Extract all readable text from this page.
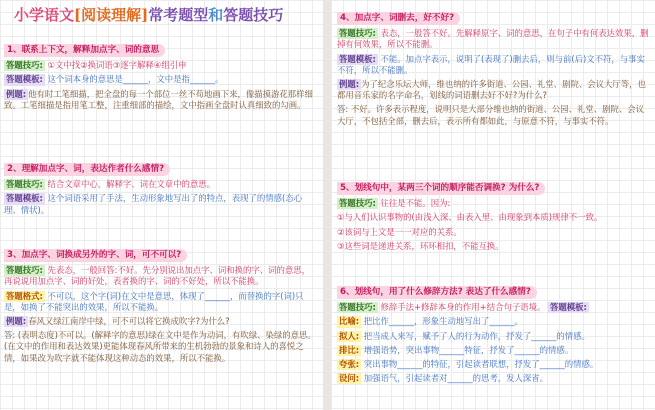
小学语文[阅读理解]常考题型和答题技巧
1、联系上下文，解释加点字、词的意思
答题技巧: ①文中找②换词语③逐字解释④组引申
答题模板: 这个词本身的意思是______，文中是指______。
例题: 他有时工笔细描，把全盘的每一个部位一丝不苟地画下来，像描摸游花那样细致。工笔细描是指用笔工整，注重细部的描绘，文中指画全盘时认真细致的勾画。
2、理解加点字、词，表达作者什么感情?
答题技巧: 结合文章中心，解释字、词在文章中的意思。
答题模板: 这个词语采用了手法，生动形象地写出了的特点，表现了的情感(态心理、情状)。
3、加点字、词换成另外的字、词，可不可以?
答题技巧: 先表态，一般回答:不好。先分别说出加点字、词和换的字、词的意思，再说说用加点字、词的好处，表者换的字、词的不好处，所以不能换。
答题格式: 不可以，这个字(词)在文中是意思，体现了______，而替换的字(词)只是，如换了不能突出的效果，所以不能换。
例题: 春风又绿江南岸中绿，可不可以将它换成吹字?为什么?
答: (表明态度)不可以。(解释字的意思)绿在文中是作为动词，有吹绿、染绿的意思。(在文中的作用和表达效果)更能体现春风所带来的生机勃勃的景象和诗人的喜悦之情，如果改为吹字就不能体现这种动态的效果，所以不能换。
4、加点字、词删去，好不好?
答题技巧: 表态，一般答不好。先解释原字、词的意思，在句子中有何表达效果，删掉有何效果，所以不能删。
答题模板: 不能。加点字表示，说明了(表现了)删去后，则与前(后)文不符，与事实不符，所以不能删。
例题: 为了纪念乐坛大师，维也纳的许多街道、公园、礼堂、剧院、会议大厅等，也都用音乐家的名字命名，划线的词语删去好不好?为什么?
答: 不好。许多表示程度，说明只是大部分维也纳的街道、公园、礼堂、剧院、会议大厅，不包括全部，删去后，表示所有都如此，与原意不符，与事实不符。
5、划线句中，某两三个词的顺序能否调换? 为什么?
答题技巧: 往往是不能。因为:
①与人们认识事物的(由浅入深、由表入里、由现象到本质)规律不一致。
②该词与上文是一一对应的关系。
③这些词是递进关系，环环相扣，不能互换。
6、划线句，用了什么修辞方法? 表达了什么感情?
答题技巧: 修辞手法+修辞本身的作用+结合句子语境。 答题模板:
比喻: 把比作______，形象生动地写出了______。
拟人: 把当成人来写，赋予了人的行为动作，抒发了______的情感。
排比: 增强语势，突出事物______特征，抒发了______的情感。
夸张: 突出事物______的特征，引起读者联想，抒发了______的情感。
设问: 加强语气，引起读者对______的思考，发人深省。
